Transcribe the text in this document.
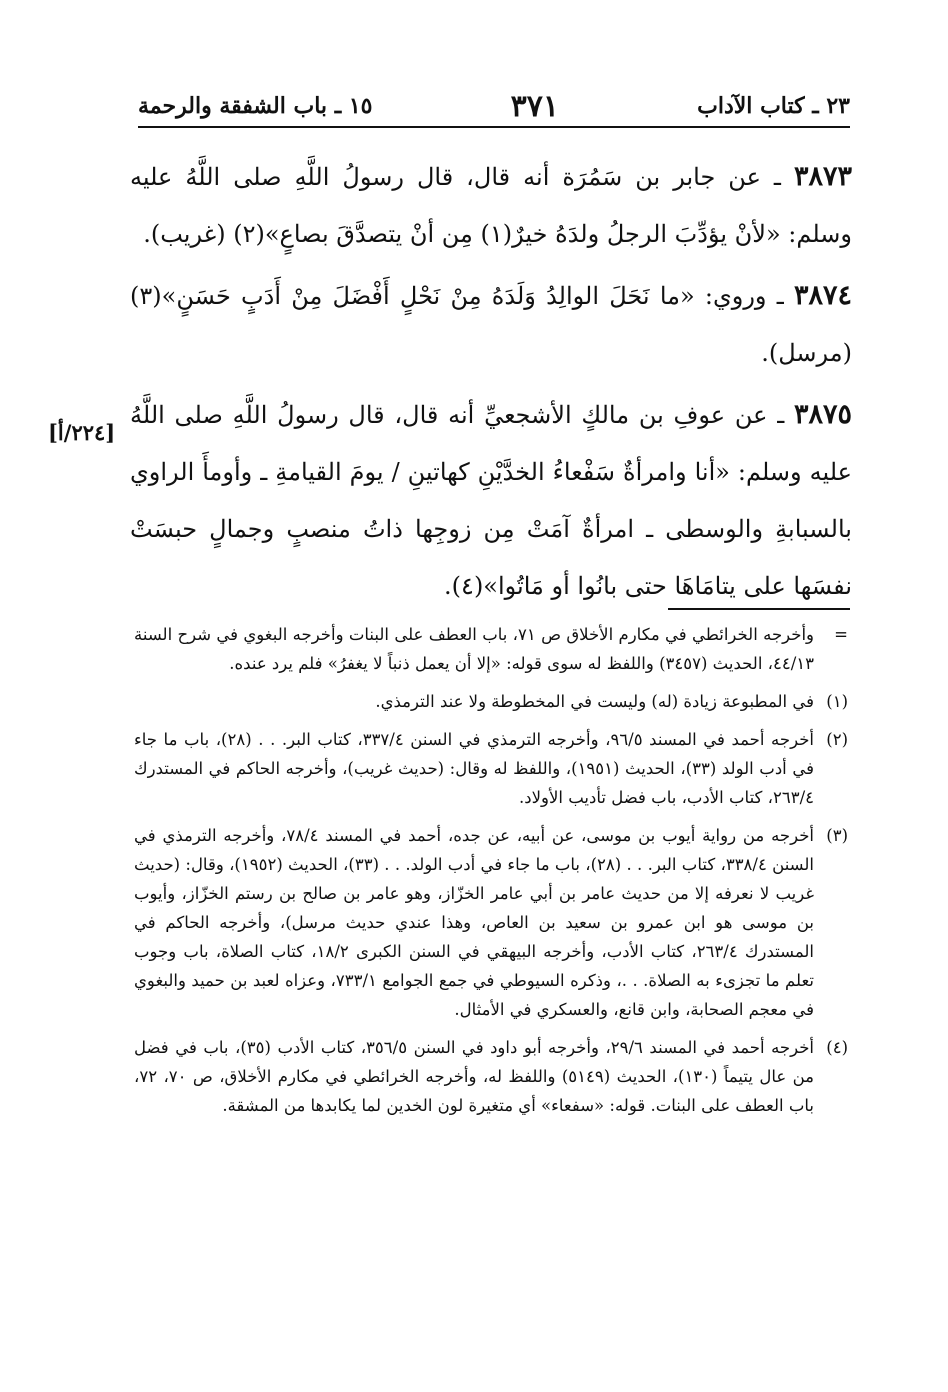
٢٣ ـ كتاب الآداب
٣٧١
١٥ ـ باب الشفقة والرحمة

٣٨٧٣ ـ عن جابر بن سَمُرَة أنه قال، قال رسولُ اللَّهِ صلى اللَّهُ عليه وسلم: «لأنْ يؤدِّبَ الرجلُ ولدَهُ خيرٌ(١) مِن أنْ يتصدَّقَ بصاعٍ»(٢) (غريب).

٣٨٧٤ ـ وروي: «ما نَحَلَ الوالِدُ وَلَدَهُ مِنْ نَحْلٍ أَفْضَلَ مِنْ أَدَبٍ حَسَنٍ»(٣) (مرسل).

٣٨٧٥ ـ عن عوفِ بن مالكٍ الأشجعيِّ أنه قال، قال رسولُ اللَّهِ صلى اللَّهُ عليه وسلم: «أنا وامرأةٌ سَفْعاءُ الخدَّيْنِ كهاتينِ / يومَ القيامةِ ـ وأومأَ الراوي بالسبابةِ والوسطى ـ امرأةٌ آمَتْ مِن زوجِها ذاتُ منصبٍ وجمالٍ حبسَتْ نفسَها على يتامَاهَا حتى بانُوا أو مَاتُوا»(٤).

[٢٢٤/أ]
=
وأخرجه الخرائطي في مكارم الأخلاق ص ٧١، باب العطف على البنات وأخرجه البغوي في شرح السنة ٤٤/١٣، الحديث (٣٤٥٧) واللفظ له سوى قوله: «إلا أن يعمل ذنباً لا يغفرُ» فلم يرد عنده.
(١)
في المطبوعة زيادة (له) وليست في المخطوطة ولا عند الترمذي.
(٢)
أخرجه أحمد في المسند ٩٦/٥، وأخرجه الترمذي في السنن ٣٣٧/٤، كتاب البر. . . (٢٨)، باب ما جاء في أدب الولد (٣٣)، الحديث (١٩٥١)، واللفظ له وقال: (حديث غريب)، وأخرجه الحاكم في المستدرك ٢٦٣/٤، كتاب الأدب، باب فضل تأديب الأولاد.
(٣)
أخرجه من رواية أيوب بن موسى، عن أبيه، عن جده، أحمد في المسند ٧٨/٤، وأخرجه الترمذي في السنن ٣٣٨/٤، كتاب البر. . . (٢٨)، باب ما جاء في أدب الولد. . . (٣٣)، الحديث (١٩٥٢)، وقال: (حديث غريب لا نعرفه إلا من حديث عامر بن أبي عامر الخزّاز، وهو عامر بن صالح بن رستم الخزّاز، وأيوب بن موسى هو ابن عمرو بن سعيد بن العاص، وهذا عندي حديث مرسل)، وأخرجه الحاكم في المستدرك ٢٦٣/٤، كتاب الأدب، وأخرجه البيهقي في السنن الكبرى ١٨/٢، كتاب الصلاة، باب وجوب تعلم ما تجزىء به الصلاة. . .، وذكره السيوطي في جمع الجوامع ٧٣٣/١، وعزاه لعبد بن حميد والبغوي في معجم الصحابة، وابن قانع، والعسكري في الأمثال.
(٤)
أخرجه أحمد في المسند ٢٩/٦، وأخرجه أبو داود في السنن ٣٥٦/٥، كتاب الأدب (٣٥)، باب في فضل من عال يتيماً (١٣٠)، الحديث (٥١٤٩) واللفظ له، وأخرجه الخرائطي في مكارم الأخلاق، ص ٧٠، ٧٢، باب العطف على البنات. قوله: «سفعاء» أي متغيرة لون الخدين لما يكابدها من المشقة.
